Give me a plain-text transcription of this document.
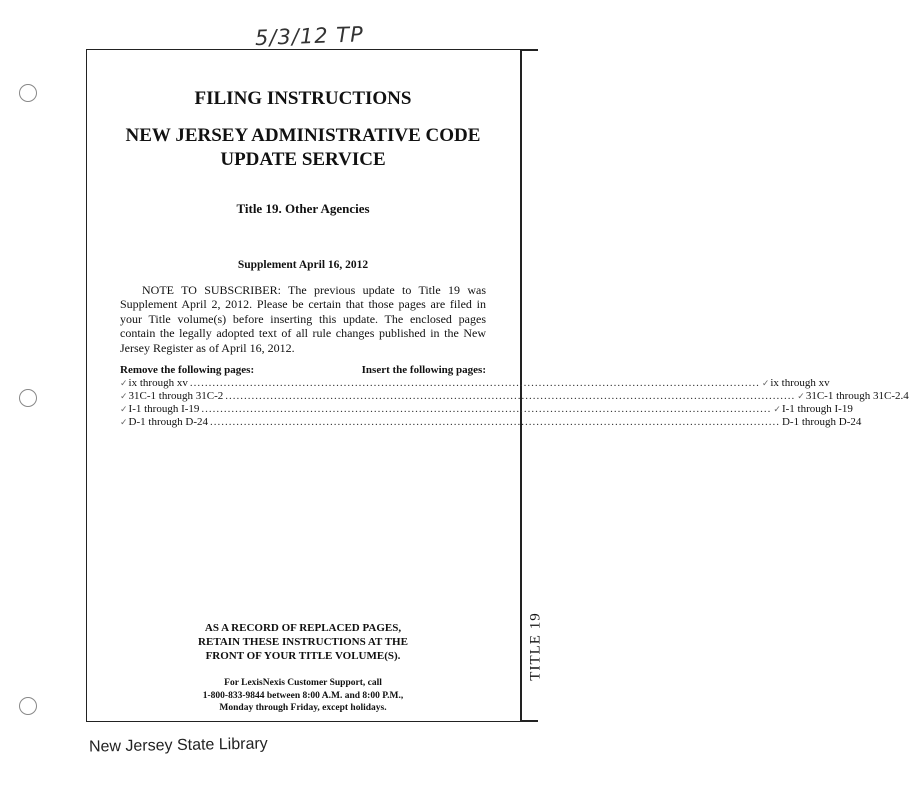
5/3/12 TP
TITLE 19
FILING INSTRUCTIONS
NEW JERSEY ADMINISTRATIVE CODE
UPDATE SERVICE
Title 19. Other Agencies
Supplement April 16, 2012
NOTE TO SUBSCRIBER: The previous update to Title 19 was Supplement April 2, 2012. Please be certain that those pages are filed in your Title volume(s) before inserting this update. The enclosed pages contain the legally adopted text of all rule changes published in the New Jersey Register as of April 16, 2012.
Remove the following pages:	Insert the following pages:
✓ ix through xv ........................................................................................................................................................ ✓ ix through xv
✓ 31C-1 through 31C-2 ........................................................................................................................................................ ✓ 31C-1 through 31C-2.4
✓ I-1 through I-19 ........................................................................................................................................................ ✓ I-1 through I-19
✓ D-1 through D-24 ........................................................................................................................................................ D-1 through D-24
AS A RECORD OF REPLACED PAGES,
RETAIN THESE INSTRUCTIONS AT THE
FRONT OF YOUR TITLE VOLUME(S).
For LexisNexis Customer Support, call
1-800-833-9844 between 8:00 A.M. and 8:00 P.M.,
Monday through Friday, except holidays.
New Jersey State Library
